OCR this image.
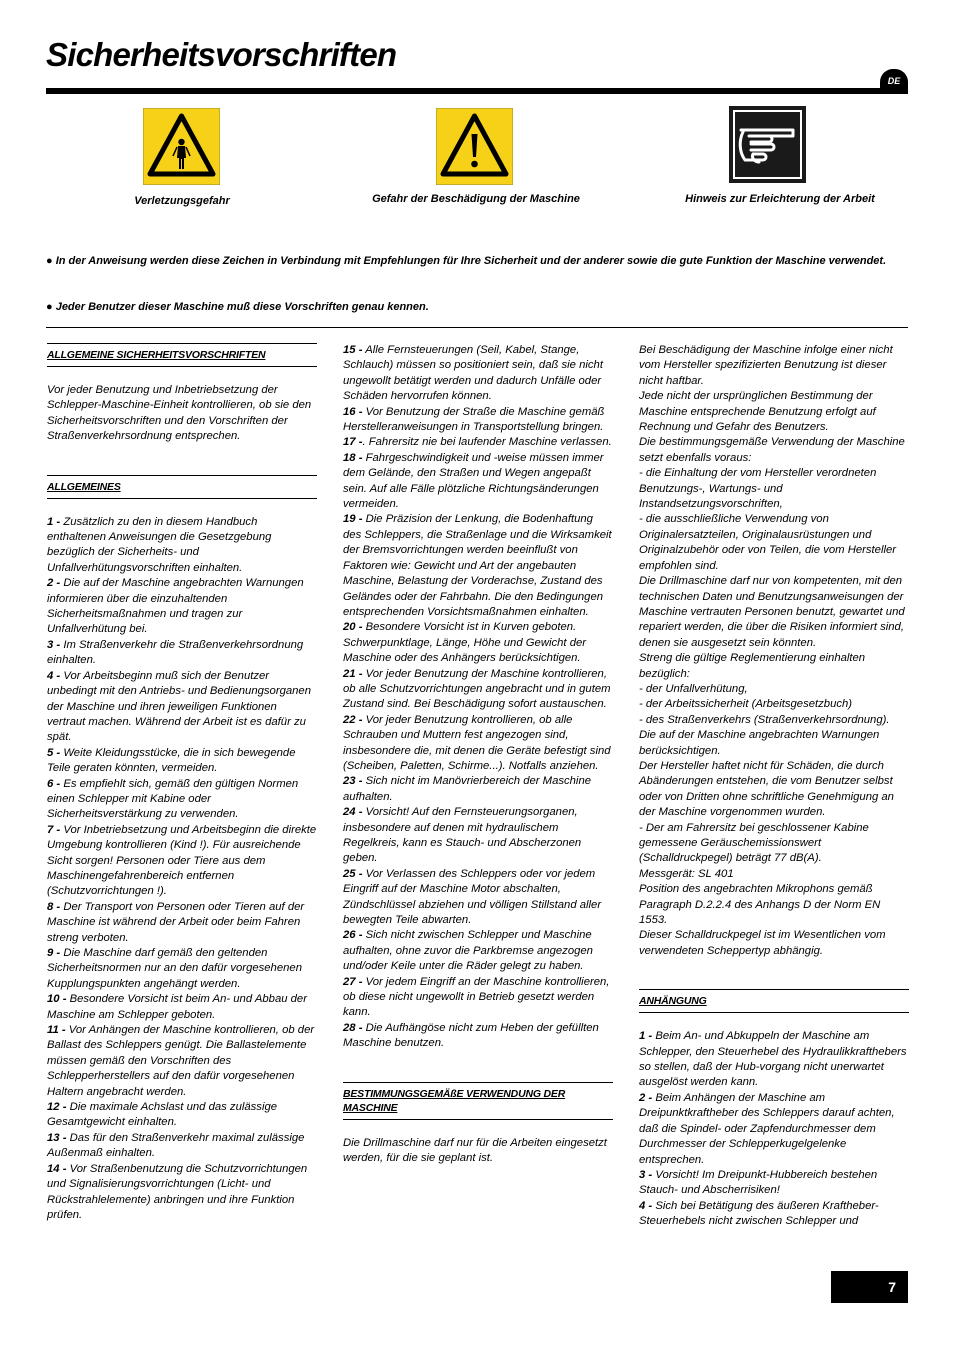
Sicherheitsvorschriften
DE
Verletzungsgefahr	Gefahr der Beschädigung der Maschine	Hinweis zur Erleichterung der Arbeit

● In der Anweisung werden diese Zeichen in Verbindung mit Empfehlungen für Ihre Sicherheit und der anderer sowie die gute Funktion der Maschine verwendet.

● Jeder Benutzer dieser Maschine muß diese Vorschriften genau kennen.

ALLGEMEINE SICHERHEITSVORSCHRIFTEN

Vor jeder Benutzung und Inbetriebsetzung der Schlepper-Maschine-Einheit kontrollieren, ob sie den Sicherheitsvorschriften und den Vorschriften der Straßenverkehrsordnung entsprechen.

ALLGEMEINES

1 - Zusätzlich zu den in diesem Handbuch enthaltenen Anweisungen die Gesetzgebung bezüglich der Sicherheits- und Unfallverhütungsvorschriften einhalten.

2 - Die auf der Maschine angebrachten Warnungen informieren über die einzuhaltenden Sicherheitsmaßnahmen und tragen zur Unfallverhütung bei.

3 - Im Straßenverkehr die Straßenverkehrsordnung einhalten.

4 - Vor Arbeitsbeginn muß sich der Benutzer unbedingt mit den Antriebs- und Bedienungsorganen der Maschine und ihren jeweiligen Funktionen vertraut machen. Während der Arbeit ist es dafür zu spät.

5 - Weite Kleidungsstücke, die in sich bewegende Teile geraten könnten, vermeiden.

6 - Es empfiehlt sich, gemäß den gültigen Normen einen Schlepper mit Kabine oder Sicherheitsverstärkung zu verwenden.

7 - Vor Inbetriebsetzung und Arbeitsbeginn die direkte Umgebung kontrollieren (Kind !). Für ausreichende Sicht sorgen! Personen oder Tiere aus dem Maschinengefahrenbereich entfernen (Schutzvorrichtungen !).

8 - Der Transport von Personen oder Tieren auf der Maschine ist während der Arbeit oder beim Fahren streng verboten.

9 - Die Maschine darf gemäß den geltenden Sicherheitsnormen nur an den dafür vorgesehenen Kupplungspunkten angehängt werden.

10 - Besondere Vorsicht ist beim An- und Abbau der Maschine am Schlepper geboten.

11 - Vor Anhängen der Maschine kontrollieren, ob der Ballast des Schleppers genügt. Die Ballastelemente müssen gemäß den Vorschriften des Schlepperherstellers auf den dafür vorgesehenen Haltern angebracht werden.

12 - Die maximale Achslast und das zulässige Gesamtgewicht einhalten.

13 - Das für den Straßenverkehr maximal zulässige Außenmaß einhalten.

14 - Vor Straßenbenutzung die Schutzvorrichtungen und Signalisierungsvorrichtungen (Licht- und Rückstrahlelemente) anbringen und ihre Funktion prüfen.

15 - Alle Fernsteuerungen (Seil, Kabel, Stange, Schlauch) müssen so positioniert sein, daß sie nicht ungewollt betätigt werden und dadurch Unfälle oder Schäden hervorrufen können.

16 - Vor Benutzung der Straße die Maschine gemäß Herstelleranweisungen in Transportstellung bringen.

17 -. Fahrersitz nie bei laufender Maschine verlassen.

18 - Fahrgeschwindigkeit und -weise müssen immer dem Gelände, den Straßen und Wegen angepaßt sein. Auf alle Fälle plötzliche Richtungsänderungen vermeiden.

19 - Die Präzision der Lenkung, die Bodenhaftung des Schleppers, die Straßenlage und die Wirksamkeit der Bremsvorrichtungen werden beeinflußt von Faktoren wie: Gewicht und Art der angebauten Maschine, Belastung der Vorderachse, Zustand des Geländes oder der Fahrbahn. Die den Bedingungen entsprechenden Vorsichtsmaßnahmen einhalten.

20 - Besondere Vorsicht ist in Kurven geboten. Schwerpunktlage, Länge, Höhe und Gewicht der Maschine oder des Anhängers berücksichtigen.

21 - Vor jeder Benutzung der Maschine kontrollieren, ob alle Schutzvorrichtungen angebracht und in gutem Zustand sind. Bei Beschädigung sofort austauschen.

22 - Vor jeder Benutzung kontrollieren, ob alle Schrauben und Muttern fest angezogen sind, insbesondere die, mit denen die Geräte befestigt sind (Scheiben, Paletten, Schirme...). Notfalls anziehen.

23 - Sich nicht im Manövrierbereich der Maschine aufhalten.

24 - Vorsicht! Auf den Fernsteuerungsorganen, insbesondere auf denen mit hydraulischem Regelkreis, kann es Stauch- und Abscherzonen geben.

25 - Vor Verlassen des Schleppers oder vor jedem Eingriff auf der Maschine Motor abschalten, Zündschlüssel abziehen und völligen Stillstand aller bewegten Teile abwarten.

26 - Sich nicht zwischen Schlepper und Maschine aufhalten, ohne zuvor die Parkbremse angezogen und/oder Keile unter die Räder gelegt zu haben.

27 - Vor jedem Eingriff an der Maschine kontrollieren, ob diese nicht ungewollt in Betrieb gesetzt werden kann.

28 - Die Aufhängöse nicht zum Heben der gefüllten Maschine benutzen.

BESTIMMUNGSGEMÄßE VERWENDUNG DER MASCHINE

Die Drillmaschine darf nur für die Arbeiten eingesetzt werden, für die sie geplant ist.

Bei Beschädigung der Maschine infolge einer nicht vom Hersteller spezifizierten Benutzung ist dieser nicht haftbar.

Jede nicht der ursprünglichen Bestimmung der Maschine entsprechende Benutzung erfolgt auf Rechnung und Gefahr des Benutzers.

Die bestimmungsgemäße Verwendung der Maschine setzt ebenfalls voraus:

- die Einhaltung der vom Hersteller verordneten Benutzungs-, Wartungs- und Instandsetzungsvorschriften,

- die ausschließliche Verwendung von Originalersatzteilen, Originalausrüstungen und Originalzubehör oder von Teilen, die vom Hersteller empfohlen sind.

Die Drillmaschine darf nur von kompetenten, mit den technischen Daten und Benutzungsanweisungen der Maschine vertrauten Personen benutzt, gewartet und repariert werden, die über die Risiken informiert sind, denen sie ausgesetzt sein könnten.

Streng die gültige Reglementierung einhalten bezüglich:

- der Unfallverhütung,

- der Arbeitssicherheit (Arbeitsgesetzbuch)

- des Straßenverkehrs (Straßenverkehrsordnung).

Die auf der Maschine angebrachten Warnungen berücksichtigen.

Der Hersteller haftet nicht für Schäden, die durch Abänderungen entstehen, die vom Benutzer selbst oder von Dritten ohne schriftliche Genehmigung an der Maschine vorgenommen wurden.

- Der am Fahrersitz bei geschlossener Kabine gemessene Geräuschemissionswert (Schalldruckpegel) beträgt 77 dB(A).

Messgerät: SL 401

Position des angebrachten Mikrophons gemäß Paragraph D.2.2.4 des Anhangs D der Norm EN 1553.

Dieser Schalldruckpegel ist im Wesentlichen vom verwendeten Scheppertyp abhängig.

ANHÄNGUNG

1 - Beim An- und Abkuppeln der Maschine am Schlepper, den Steuerhebel des Hydraulikkrafthebers so stellen, daß der Hub-vorgang nicht unerwartet ausgelöst werden kann.

2 - Beim Anhängen der Maschine am Dreipunktkraftheber des Schleppers darauf achten, daß die Spindel- oder Zapfendurchmesser dem Durchmesser der Schlepperkugelgelenke entsprechen.

3 - Vorsicht! Im Dreipunkt-Hubbereich bestehen Stauch- und Abscherrisiken!

4 - Sich bei Betätigung des äußeren Kraftheber-Steuerhebels nicht zwischen Schlepper und

7
